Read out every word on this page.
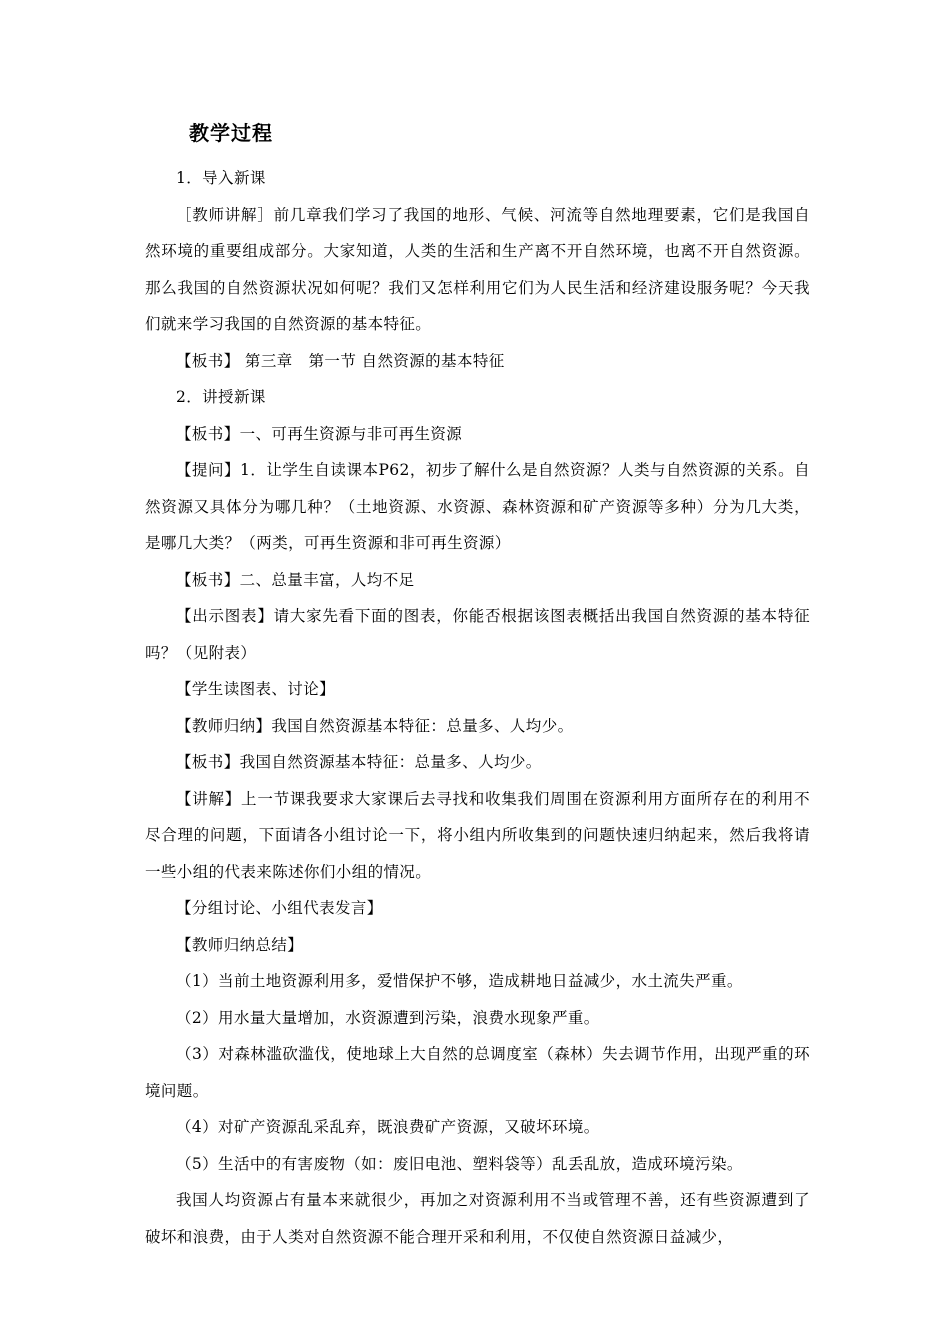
教学过程

1．导入新课

［教师讲解］前几章我们学习了我国的地形、气候、河流等自然地理要素，它们是我国自然环境的重要组成部分。大家知道，人类的生活和生产离不开自然环境，也离不开自然资源。那么我国的自然资源状况如何呢？我们又怎样利用它们为人民生活和经济建设服务呢？今天我们就来学习我国的自然资源的基本特征。

【板书】 第三章　第一节 自然资源的基本特征

2．讲授新课

【板书】一、可再生资源与非可再生资源

【提问】1．让学生自读课本P62，初步了解什么是自然资源？人类与自然资源的关系。自然资源又具体分为哪几种？（土地资源、水资源、森林资源和矿产资源等多种）分为几大类，是哪几大类？（两类，可再生资源和非可再生资源）

【板书】二、总量丰富，人均不足

【出示图表】请大家先看下面的图表，你能否根据该图表概括出我国自然资源的基本特征吗？（见附表）

【学生读图表、讨论】

【教师归纳】我国自然资源基本特征：总量多、人均少。

【板书】我国自然资源基本特征：总量多、人均少。

【讲解】上一节课我要求大家课后去寻找和收集我们周围在资源利用方面所存在的利用不尽合理的问题，下面请各小组讨论一下，将小组内所收集到的问题快速归纳起来，然后我将请一些小组的代表来陈述你们小组的情况。

【分组讨论、小组代表发言】

【教师归纳总结】

（1）当前土地资源利用多，爱惜保护不够，造成耕地日益减少，水土流失严重。

（2）用水量大量增加，水资源遭到污染，浪费水现象严重。

（3）对森林滥砍滥伐，使地球上大自然的总调度室（森林）失去调节作用，出现严重的环境问题。

（4）对矿产资源乱采乱弃，既浪费矿产资源，又破坏环境。

（5）生活中的有害废物（如：废旧电池、塑料袋等）乱丢乱放，造成环境污染。

我国人均资源占有量本来就很少，再加之对资源利用不当或管理不善，还有些资源遭到了破坏和浪费，由于人类对自然资源不能合理开采和利用，不仅使自然资源日益减少，
